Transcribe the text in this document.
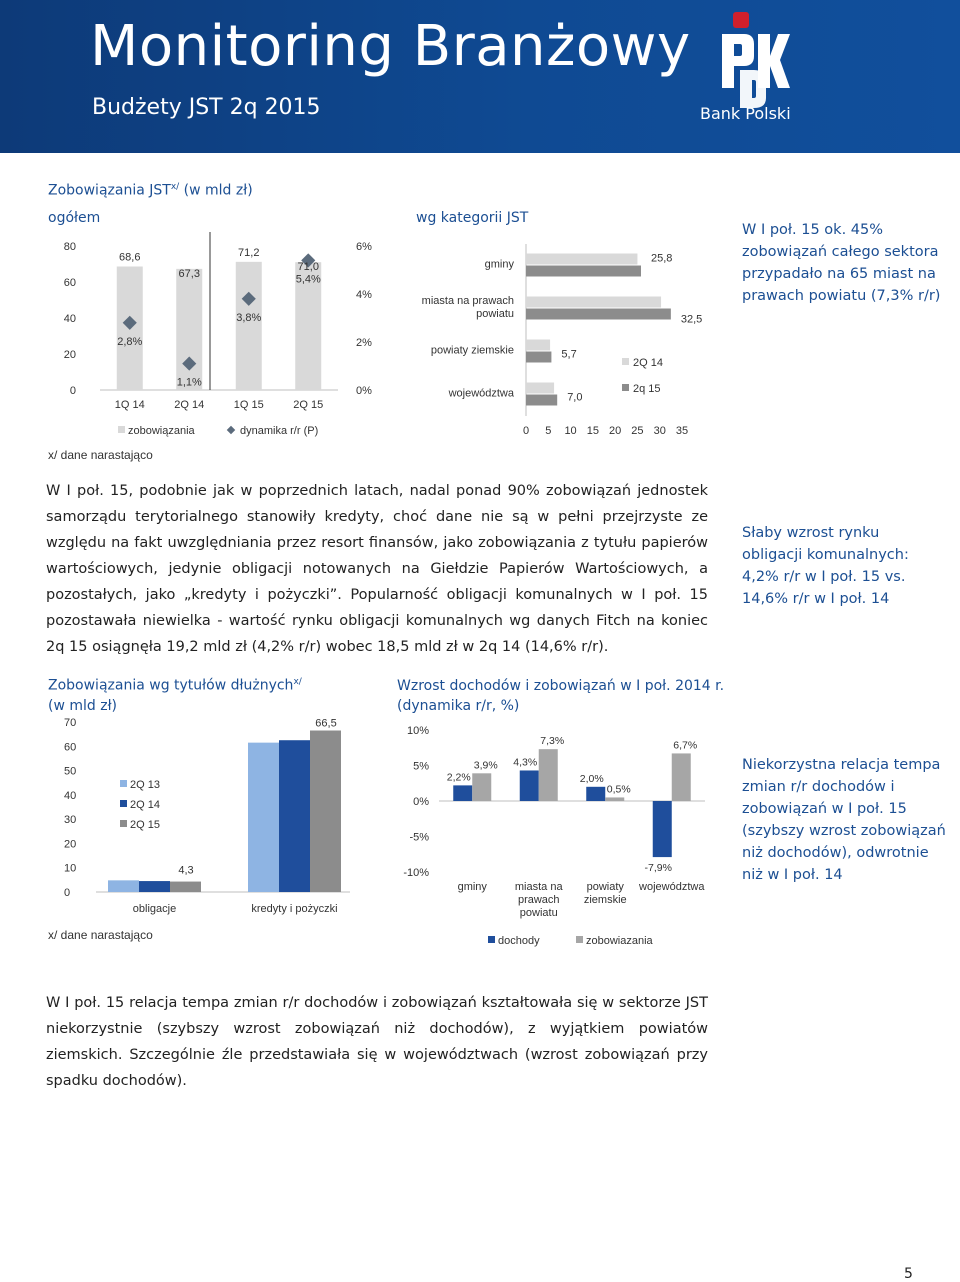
Monitoring Branżowy
Budżety JST 2q 2015	Bank Polski
Zobowiązania $JST^{x/}$ (w mld zł)
ogółem	wg kategorii JST
0
20
40
60
80
0%
2%
4%
6%
68,6
2,8%
1Q 14
67,3
1,1%
2Q 14
71,2
3,8%
1Q 15
71,0
5,4%
2Q 15
zobowiązania	dynamika r/r (P)	0 5 10 15 20 25 30 35
25,8
gminy
32,5
miasta na prawach
powiatu
5,7
powiaty ziemskie
7,0
województwa
2Q 14
2q 15
x/ dane narastająco
W I poł. 15 ok. 45% zobowiązań całego sektora przypadało na 65 miast na prawach powiatu (7,3% r/r)
Słaby wzrost rynku obligacji komunalnych: 4,2% r/r w I poł. 15 vs. 14,6% r/r w I poł. 14
Niekorzystna relacja tempa zmian r/r dochodów i zobowiązań w I poł. 15 (szybszy wzrost zobowiązań niż dochodów), odwrotnie niż w I poł. 14
W I poł. 15, podobnie jak w poprzednich latach, nadal ponad 90% zobowiązań jednostek samorządu terytorialnego stanowiły kredyty, choć dane nie są w pełni przejrzyste ze względu na fakt uwzględniania przez resort finansów, jako zobowiązania z tytułu papierów wartościowych, jedynie obligacji notowanych na Giełdzie Papierów Wartościowych, a pozostałych, jako „kredyty i pożyczki”. Popularność obligacji komunalnych w I poł. 15 pozostawała niewielka - wartość rynku obligacji komunalnych wg danych Fitch na koniec 2q 15 osiągnęła 19,2 mld zł (4,2% r/r) wobec 18,5 mld zł w 2q 14 (14,6% r/r).
Zobowiązania wg tytułów dłużnych$^{x/}$
(w mld zł)
0
10
20
30
40
50
60
70
obligacje	kredyty i pożyczki
4,3
66,5
2Q 13
2Q 14
2Q 15
x/ dane narastająco
Wzrost dochodów i zobowiązań w I poł. 2014 r.
(dynamika r/r, %)
10%
5%
0%
-5%
-10%
2,2%
3,9%
gminy
4,3%
7,3%
miasta na
prawach
powiatu
2,0%
0,5%
powiaty
ziemskie
-7,9%
6,7%
województwa
dochody	zobowiazania
W I poł. 15 relacja tempa zmian r/r dochodów i zobowiązań kształtowała się w sektorze JST niekorzystnie (szybszy wzrost zobowiązań niż dochodów), z wyjątkiem powiatów ziemskich. Szczególnie źle przedstawiała się w województwach (wzrost zobowiązań przy spadku dochodów).
5
